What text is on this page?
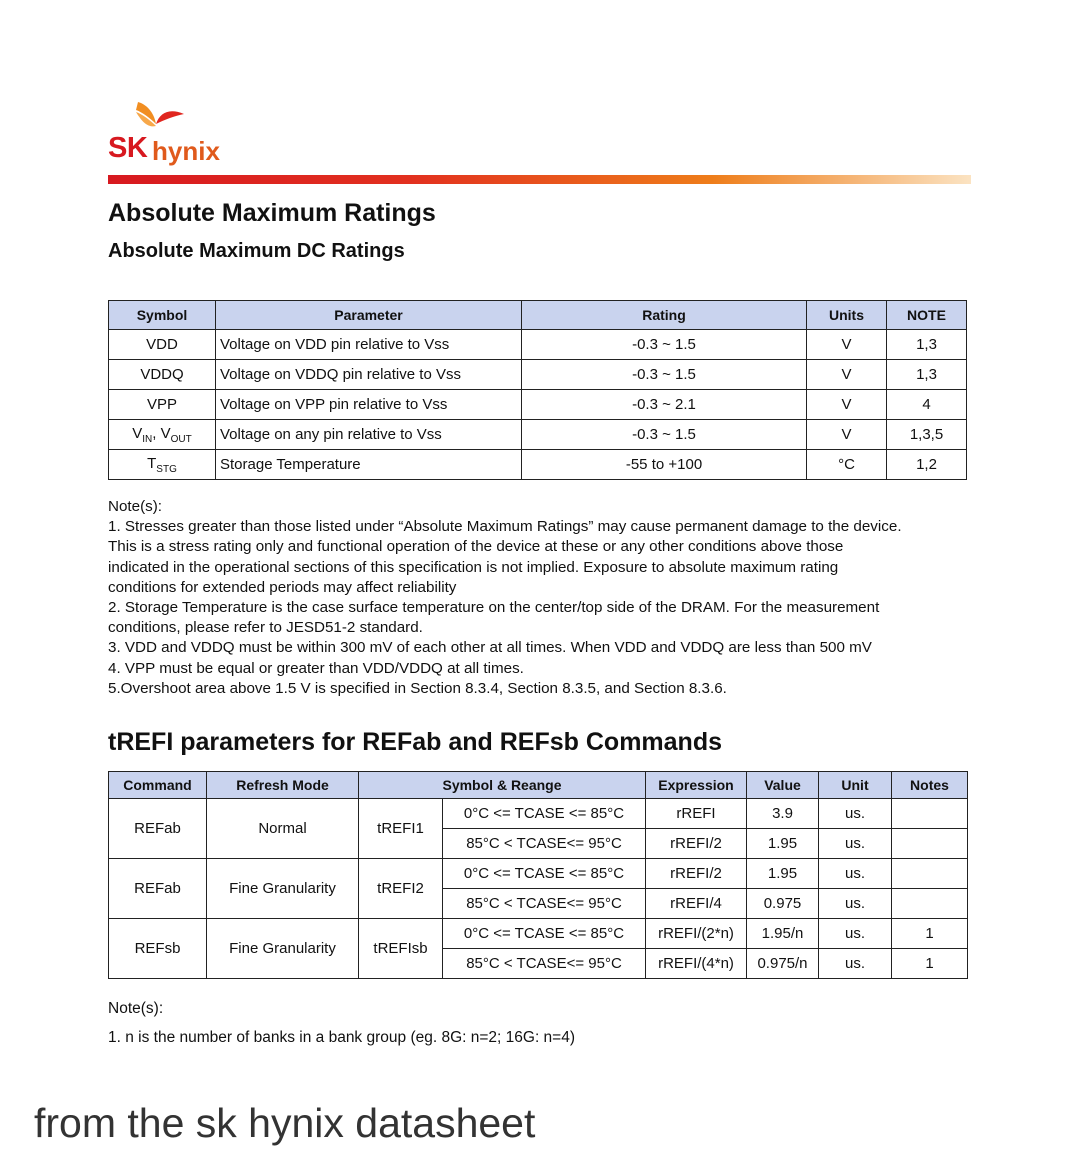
SK hynix
Absolute Maximum Ratings
Absolute Maximum DC Ratings
Symbol	Parameter	Rating	Units	NOTE
VDD	Voltage on VDD pin relative to Vss	-0.3 ~ 1.5	V	1,3
VDDQ	Voltage on VDDQ pin relative to Vss	-0.3 ~ 1.5	V	1,3
VPP	Voltage on VPP pin relative to Vss	-0.3 ~ 2.1	V	4
$V_{IN}$, $V_{OUT}$	Voltage on any pin relative to Vss	-0.3 ~ 1.5	V	1,3,5
$T_{STG}$	Storage Temperature	-55 to +100	°C	1,2
Note(s):
1. Stresses greater than those listed under “Absolute Maximum Ratings” may cause permanent damage to the device.
This is a stress rating only and functional operation of the device at these or any other conditions above those
indicated in the operational sections of this specification is not implied. Exposure to absolute maximum rating
conditions for extended periods may affect reliability
2. Storage Temperature is the case surface temperature on the center/top side of the DRAM. For the measurement
conditions, please refer to JESD51-2 standard.
3. VDD and VDDQ must be within 300 mV of each other at all times. When VDD and VDDQ are less than 500 mV
4. VPP must be equal or greater than VDD/VDDQ at all times.
5.Overshoot area above 1.5 V is specified in Section 8.3.4, Section 8.3.5, and Section 8.3.6.
tREFI parameters for REFab and REFsb Commands
Command	Refresh Mode	Symbol & Reange		Expression	Value	Unit	Notes
REFab	Normal	tREFI1	0°C <= TCASE <= 85°C	rREFI	3.9	us.	
			85°C < TCASE<= 95°C	rREFI/2	1.95	us.	
REFab	Fine Granularity	tREFI2	0°C <= TCASE <= 85°C	rREFI/2	1.95	us.	
			85°C < TCASE<= 95°C	rREFI/4	0.975	us.	
REFsb	Fine Granularity	tREFIsb	0°C <= TCASE <= 85°C	rREFI/(2*n)	1.95/n	us.	1
			85°C < TCASE<= 95°C	rREFI/(4*n)	0.975/n	us.	1
Note(s):
1. n is the number of banks in a bank group (eg. 8G: n=2; 16G: n=4)
from the sk hynix datasheet
